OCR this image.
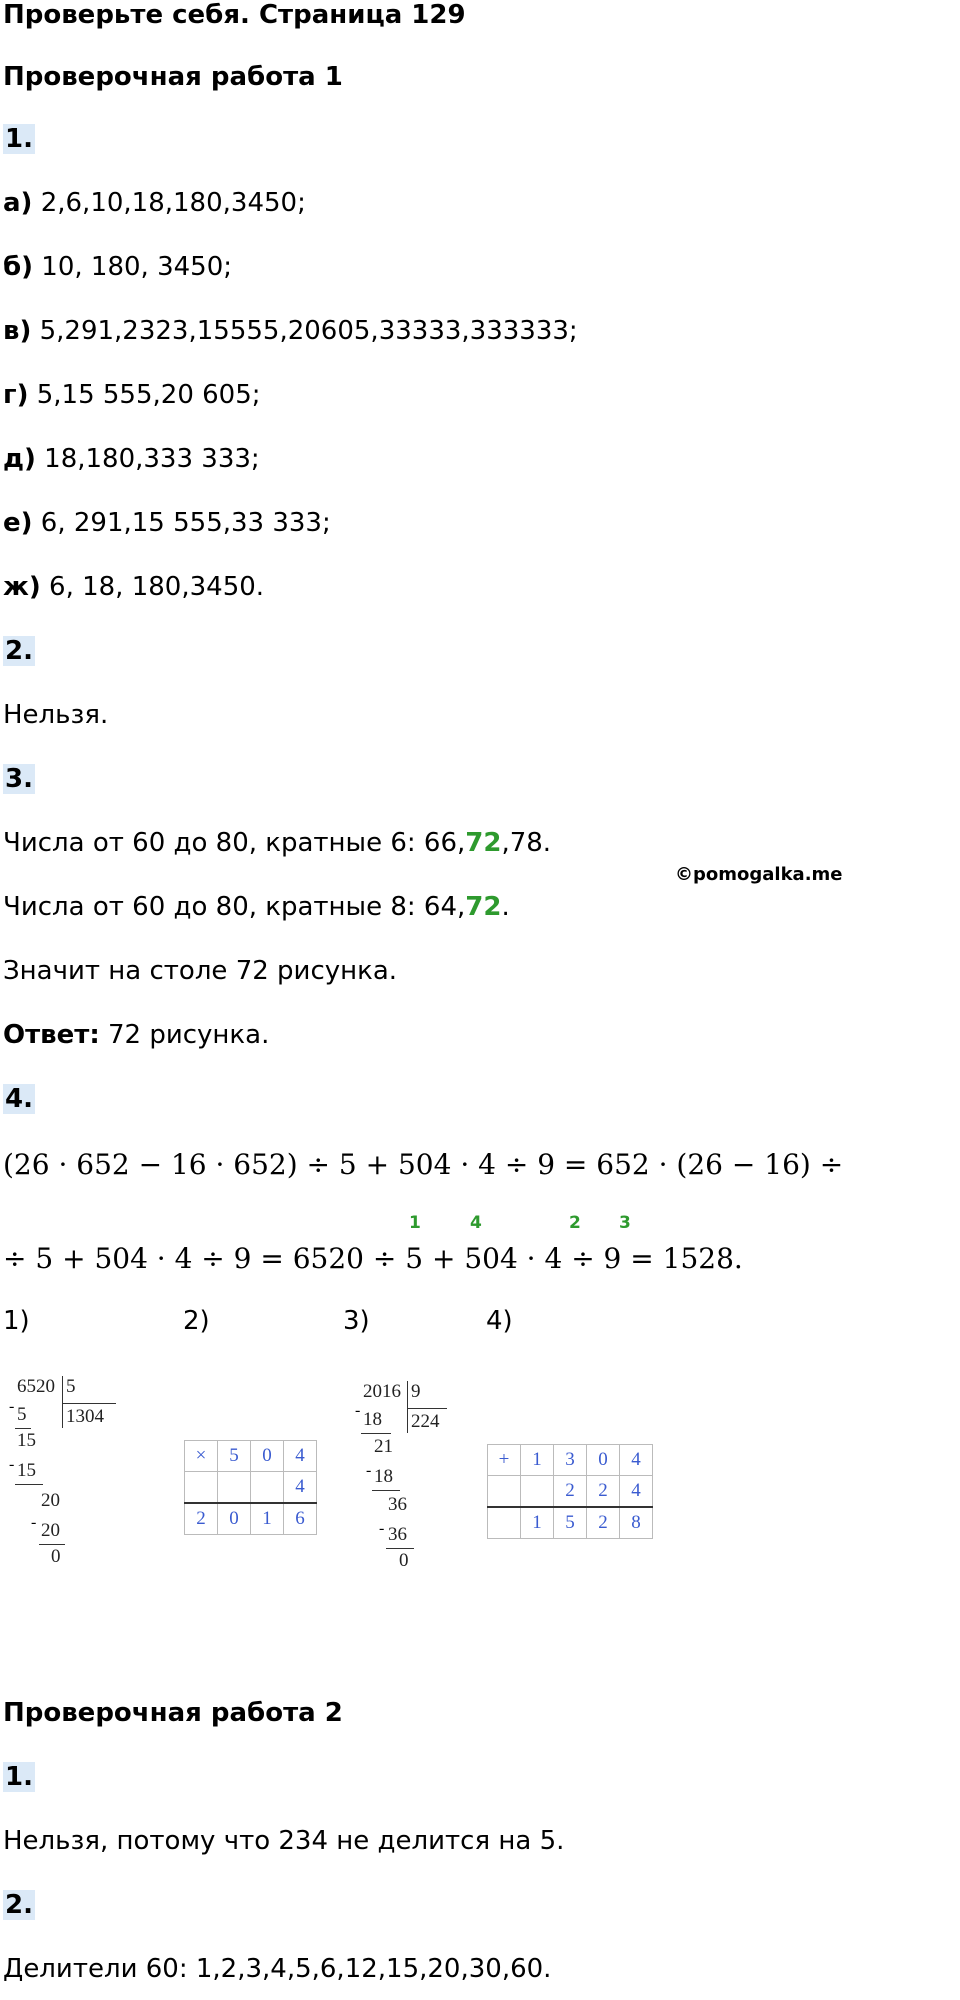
Проверьте себя. Страница 129
Проверочная работа 1
1.
а) 2,6,10,18,180,3450;
б) 10, 180, 3450;
в) 5,291,2323,15555,20605,33333,333333;
г) 5,15 555,20 605;
д) 18,180,333 333;
е) 6, 291,15 555,33 333;
ж) 6, 18, 180,3450.
2.
Нельзя.
3.
Числа от 60 до 80, кратные 6: 66,72,78.
©pomogalka.me
Числа от 60 до 80, кратные 8: 64,72.
Значит на столе 72 рисунка.
Ответ: 72 рисунка.
4.
(26 · 652 − 16 · 652) ÷ 5 + 504 · 4 ÷ 9 = 652 · (26 − 16) ÷
1	4	2 3
÷ 5 + 504 · 4 ÷ 9 = 6520 ÷ 5 + 504 · 4 ÷ 9 = 1528.
1)	2)	3)	4)
6520 5
1304
- 5
15
- 15
20
- 20
0
×	5	0	4
			4
2	0	1	6
2016 9
224
- 18
21
- 18
36
- 36
0
+	1	3	0	4
		2	2	4
	1	5	2	8
Проверочная работа 2
1.
Нельзя, потому что 234 не делится на 5.
2.
Делители 60: 1,2,3,4,5,6,12,15,20,30,60.
